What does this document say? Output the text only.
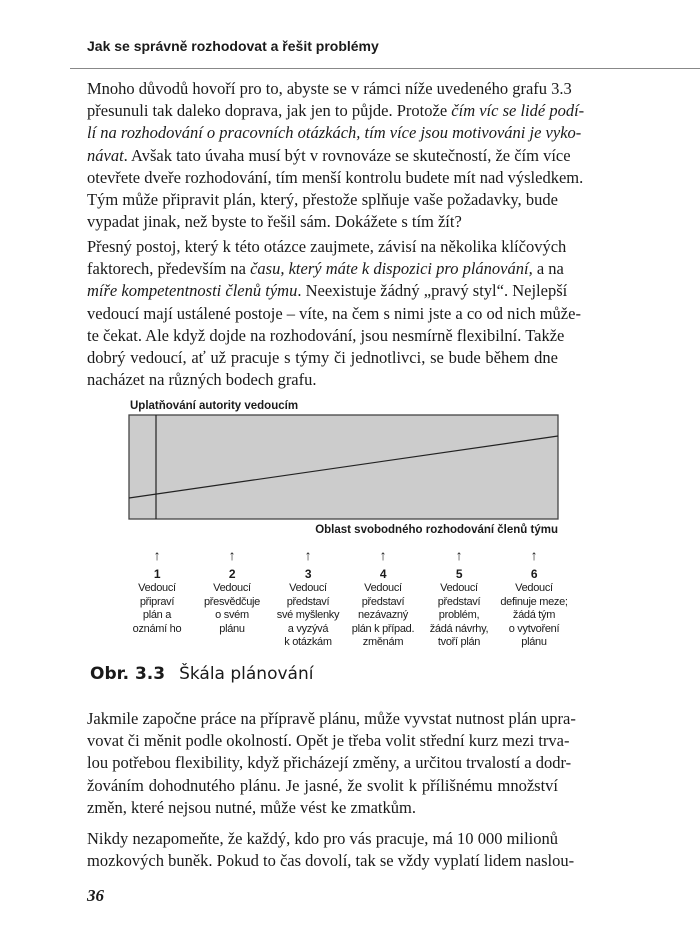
Jak se správně rozhodovat a řešit problémy
Mnoho důvodů hovoří pro to, abyste se v rámci níže uvedeného grafu 3.3
přesunuli tak daleko doprava, jak jen to půjde. Protože čím víc se lidé podí-
lí na rozhodování o pracovních otázkách, tím více jsou motivováni je vyko-
návat. Avšak tato úvaha musí být v rovnováze se skutečností, že čím více
otevřete dveře rozhodování, tím menší kontrolu budete mít nad výsledkem.
Tým může připravit plán, který, přestože splňuje vaše požadavky, bude
vypadat jinak, než byste to řešil sám. Dokážete s tím žít?
Přesný postoj, který k této otázce zaujmete, závisí na několika klíčových
faktorech, především na času, který máte k dispozici pro plánování, a na
míře kompetentnosti členů týmu. Neexistuje žádný „pravý styl“. Nejlepší
vedoucí mají ustálené postoje – víte, na čem s nimi jste a co od nich může-
te čekat. Ale když dojde na rozhodování, jsou nesmírně flexibilní. Takže
dobrý vedoucí, ať už pracuje s týmy či jednotlivci, se bude během dne
nacházet na různých bodech grafu.
Uplatňování autority vedoucím
Oblast svobodného rozhodování členů týmu
↑
1
Vedoucí
připraví
plán a
oznámí ho
↑
2
Vedoucí
přesvědčuje
o svém
plánu
↑
3
Vedoucí
představí
své myšlenky
a vyzývá
k otázkám
↑
4
Vedoucí
představí
nezávazný
plán k případ.
změnám
↑
5
Vedoucí
představí
problém,
žádá návrhy,
tvoří plán
↑
6
Vedoucí
definuje meze;
žádá tým
o vytvoření
plánu
Obr. 3.3 Škála plánování
Jakmile započne práce na přípravě plánu, může vyvstat nutnost plán upra-
vovat či měnit podle okolností. Opět je třeba volit střední kurz mezi trva-
lou potřebou flexibility, když přicházejí změny, a určitou trvalostí a dodr-
žováním dohodnutého plánu. Je jasné, že svolit k přílišnému množství
změn, které nejsou nutné, může vést ke zmatkům.
Nikdy nezapomeňte, že každý, kdo pro vás pracuje, má 10 000 milionů
mozkových buněk. Pokud to čas dovolí, tak se vždy vyplatí lidem naslou-
36
